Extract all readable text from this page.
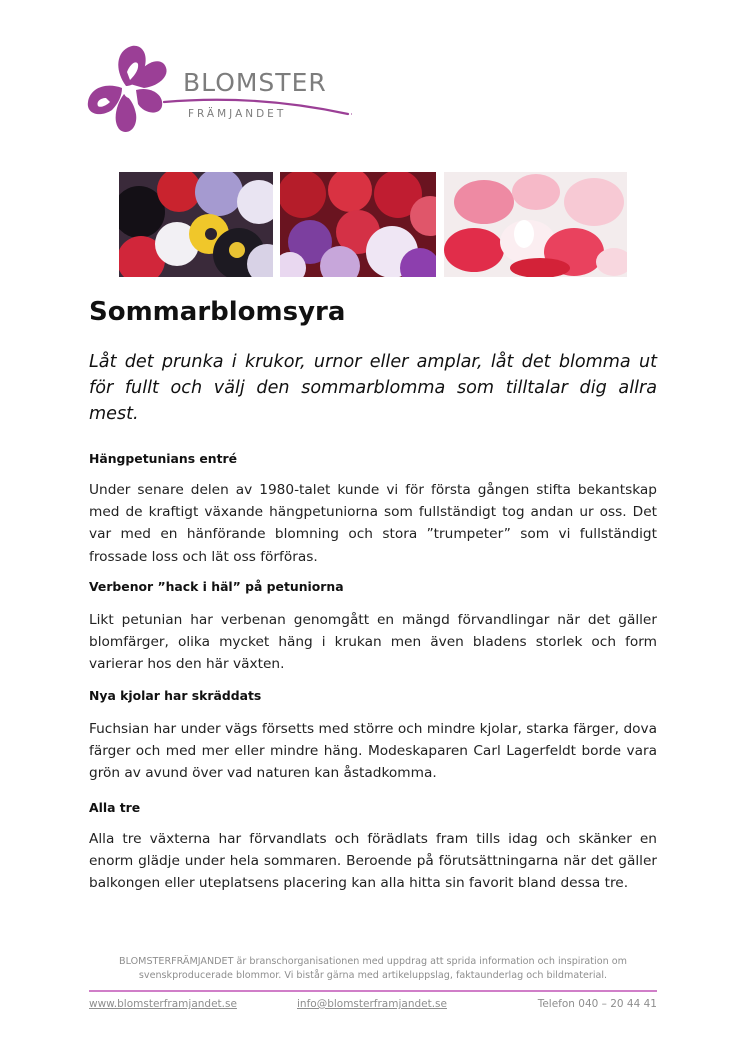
BLOMSTER
FRÄMJANDET
Sommarblomsyra

Låt det prunka i krukor, urnor eller amplar, låt det blomma ut för fullt och välj den sommarblomma som tilltalar dig allra mest.

Hängpetunians entré

Under senare delen av 1980-talet kunde vi för första gången stifta bekantskap med de kraftigt växande hängpetuniorna som fullständigt tog andan ur oss. Det var med en hänförande blomning och stora ”trumpeter” som vi fullständigt frossade loss och lät oss förföras.

Verbenor ”hack i häl” på petuniorna

Likt petunian har verbenan genomgått en mängd förvandlingar när det gäller blomfärger, olika mycket häng i krukan men även bladens storlek och form varierar hos den här växten.

Nya kjolar har skräddats

Fuchsian har under vägs försetts med större och mindre kjolar, starka färger, dova färger och med mer eller mindre häng. Modeskaparen Carl Lagerfeldt borde vara grön av avund över vad naturen kan åstadkomma.

Alla tre

Alla tre växterna har förvandlats och förädlats fram tills idag och skänker en enorm glädje under hela sommaren. Beroende på förutsättningarna när det gäller balkongen eller uteplatsens placering kan alla hitta sin favorit bland dessa tre.

BLOMSTERFRÄMJANDET är branschorganisationen med uppdrag att sprida information och inspiration om svenskproducerade blommor. Vi bistår gärna med artikeluppslag, faktaunderlag och bildmaterial.

www.blomsterframjandet.se	info@blomsterframjandet.se	Telefon 040 – 20 44 41
